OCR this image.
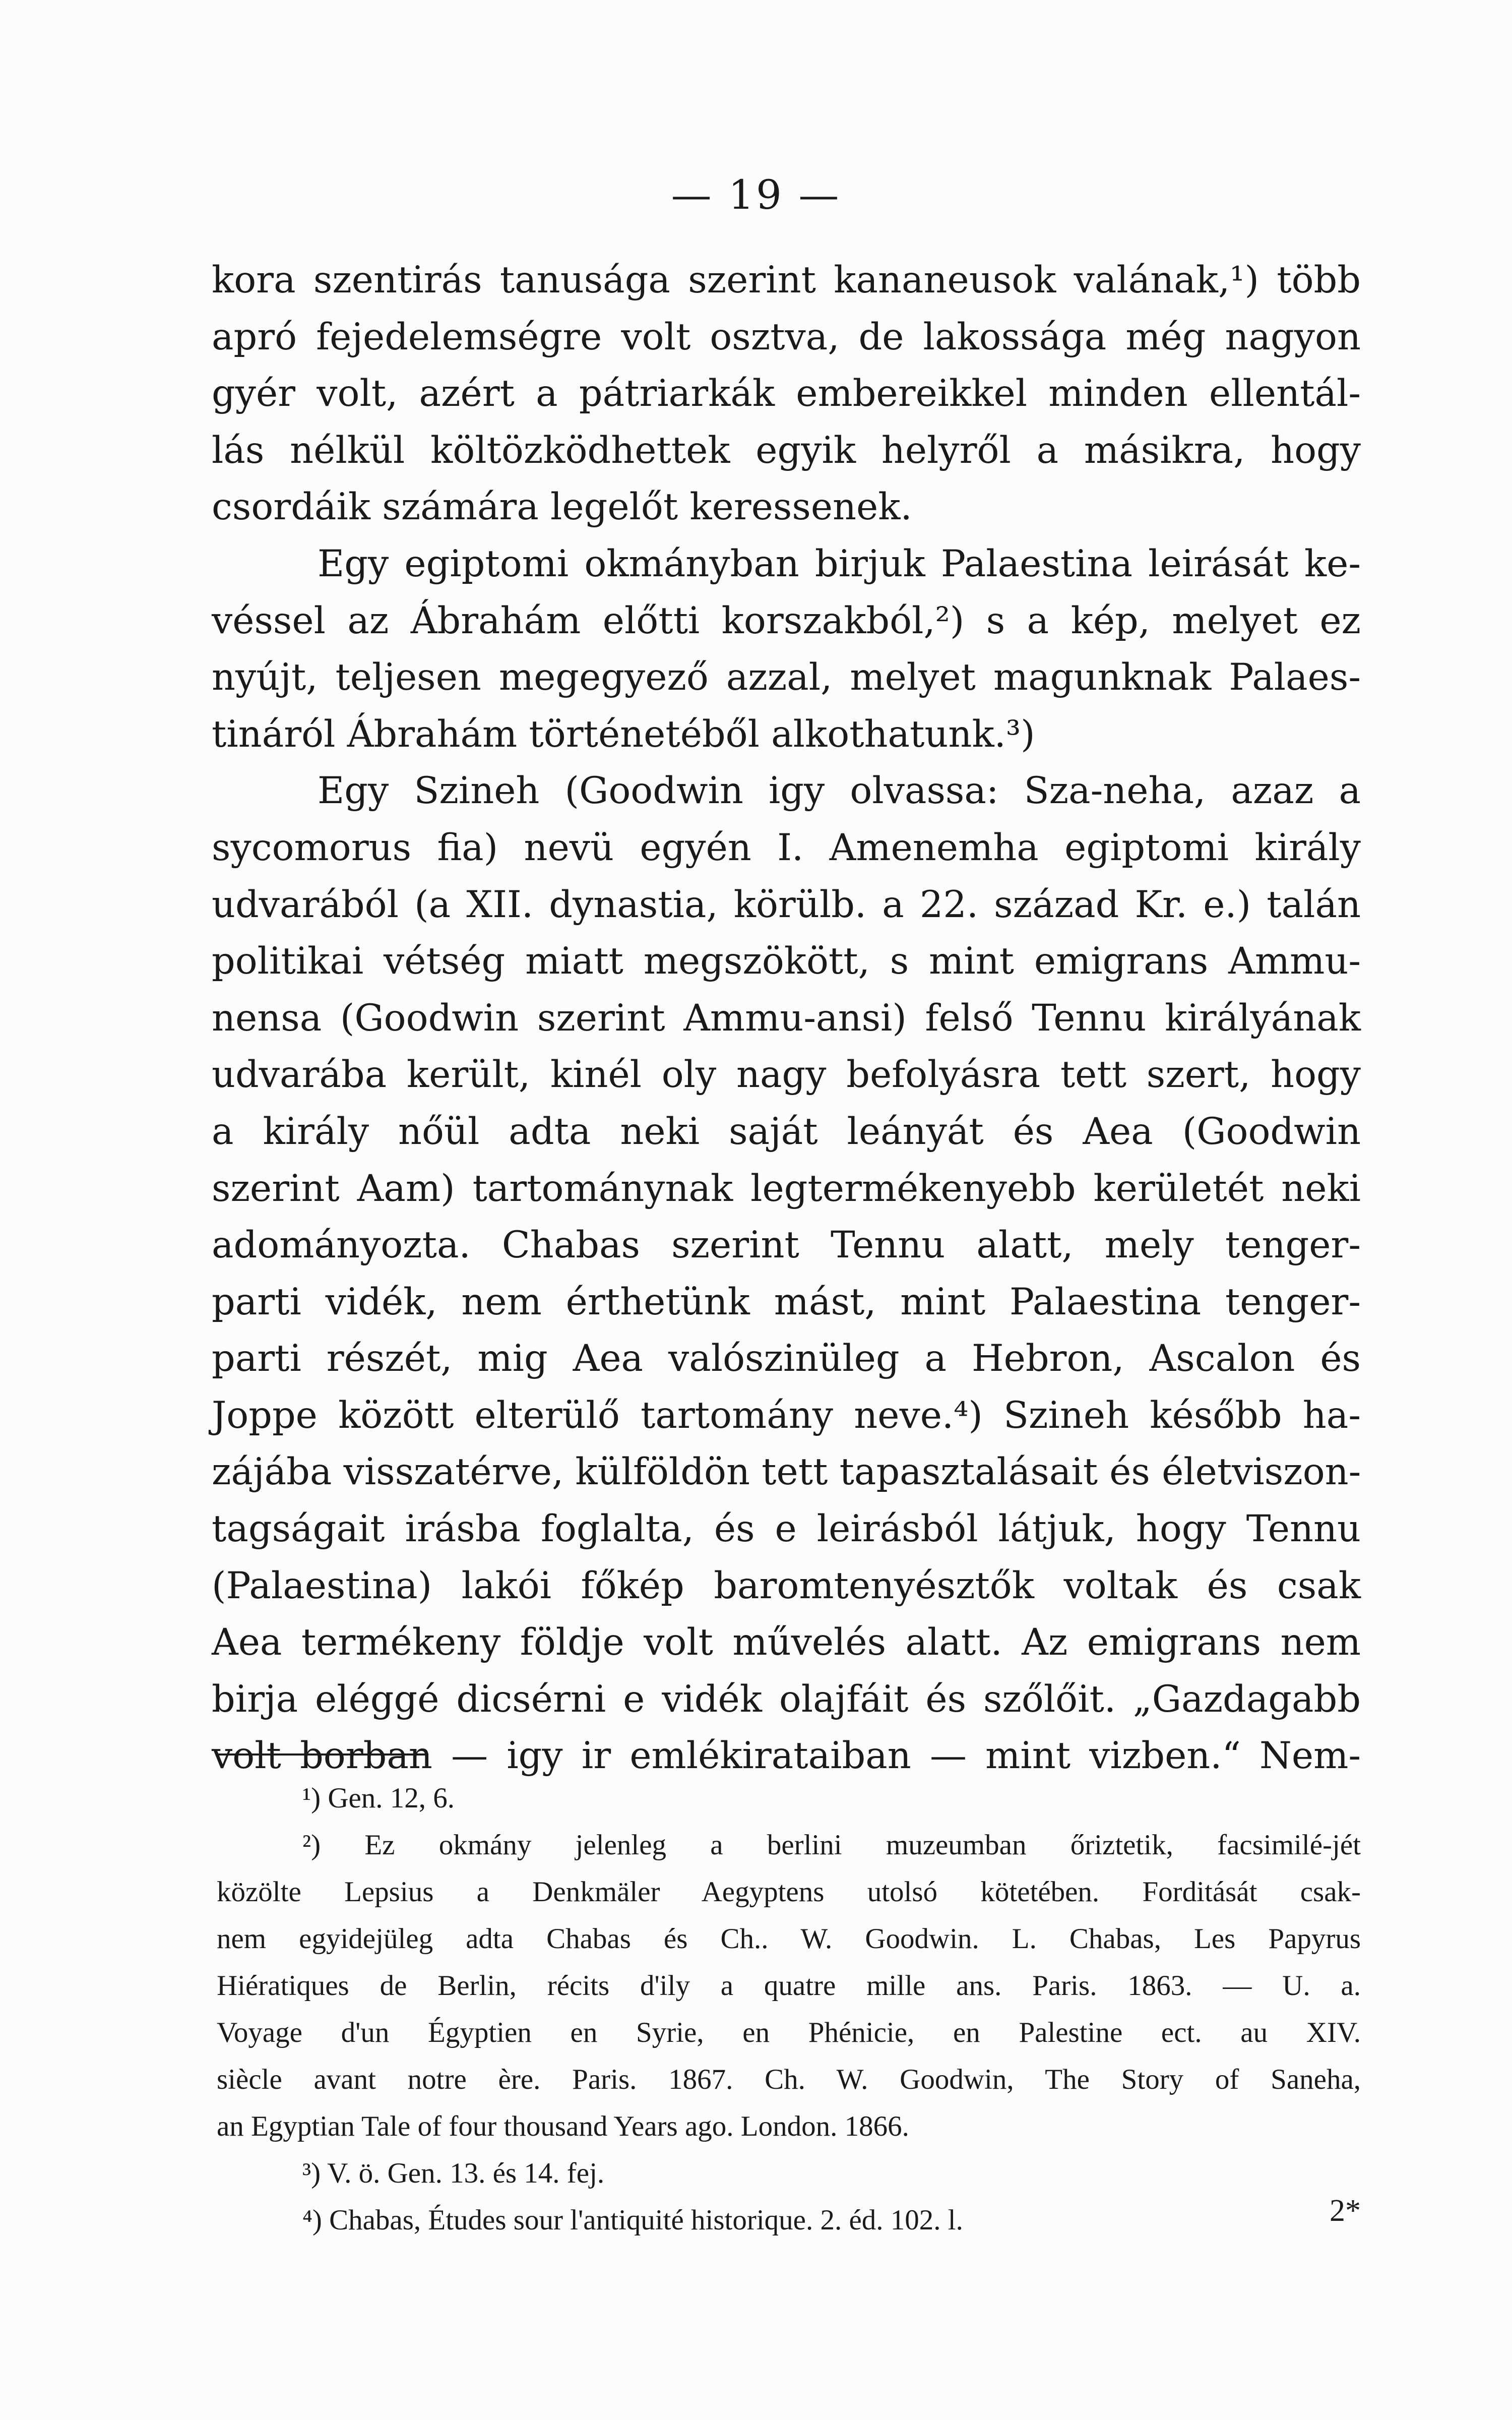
— 19 —
kora szentirás tanusága szerint kananeusok valának,¹) több
apró fejedelemségre volt osztva, de lakossága még nagyon
gyér volt, azért a pátriarkák embereikkel minden ellentál-
lás nélkül költözködhettek egyik helyről a másikra, hogy
csordáik számára legelőt keressenek.
Egy egiptomi okmányban birjuk Palaestina leirását ke-
véssel az Ábrahám előtti korszakból,²) s a kép, melyet ez
nyújt, teljesen megegyező azzal, melyet magunknak Palaes-
tináról Ábrahám történetéből alkothatunk.³)
Egy Szineh (Goodwin igy olvassa: Sza-neha, azaz a
sycomorus fia) nevü egyén I. Amenemha egiptomi király
udvarából (a XII. dynastia, körülb. a 22. század Kr. e.) talán
politikai vétség miatt megszökött, s mint emigrans Ammu-
nensa (Goodwin szerint Ammu-ansi) felső Tennu királyának
udvarába került, kinél oly nagy befolyásra tett szert, hogy
a király nőül adta neki saját leányát és Aea (Goodwin
szerint Aam) tartománynak legtermékenyebb kerületét neki
adományozta. Chabas szerint Tennu alatt, mely tenger-
parti vidék, nem érthetünk mást, mint Palaestina tenger-
parti részét, mig Aea valószinüleg a Hebron, Ascalon és
Joppe között elterülő tartomány neve.⁴) Szineh később ha-
zájába visszatérve, külföldön tett tapasztalásait és életviszon-
tagságait irásba foglalta, és e leirásból látjuk, hogy Tennu
(Palaestina) lakói főkép baromtenyésztők voltak és csak
Aea termékeny földje volt művelés alatt. Az emigrans nem
birja eléggé dicsérni e vidék olajfáit és szőlőit. „Gazdagabb
volt borban — igy ir emlékirataiban — mint vizben.“ Nem-
¹) Gen. 12, 6.
²) Ez okmány jelenleg a berlini muzeumban őriztetik, facsimilé-jét
közölte Lepsius a Denkmäler Aegyptens utolsó kötetében. Forditását csak-
nem egyidejüleg adta Chabas és Ch.. W. Goodwin. L. Chabas, Les Papyrus
Hiératiques de Berlin, récits d'ily a quatre mille ans. Paris. 1863. — U. a.
Voyage d'un Égyptien en Syrie, en Phénicie, en Palestine ect. au XIV.
siècle avant notre ère. Paris. 1867. Ch. W. Goodwin, The Story of Saneha,
an Egyptian Tale of four thousand Years ago. London. 1866.
³) V. ö. Gen. 13. és 14. fej.
⁴) Chabas, Études sour l'antiquité historique. 2. éd. 102. l.	2*
